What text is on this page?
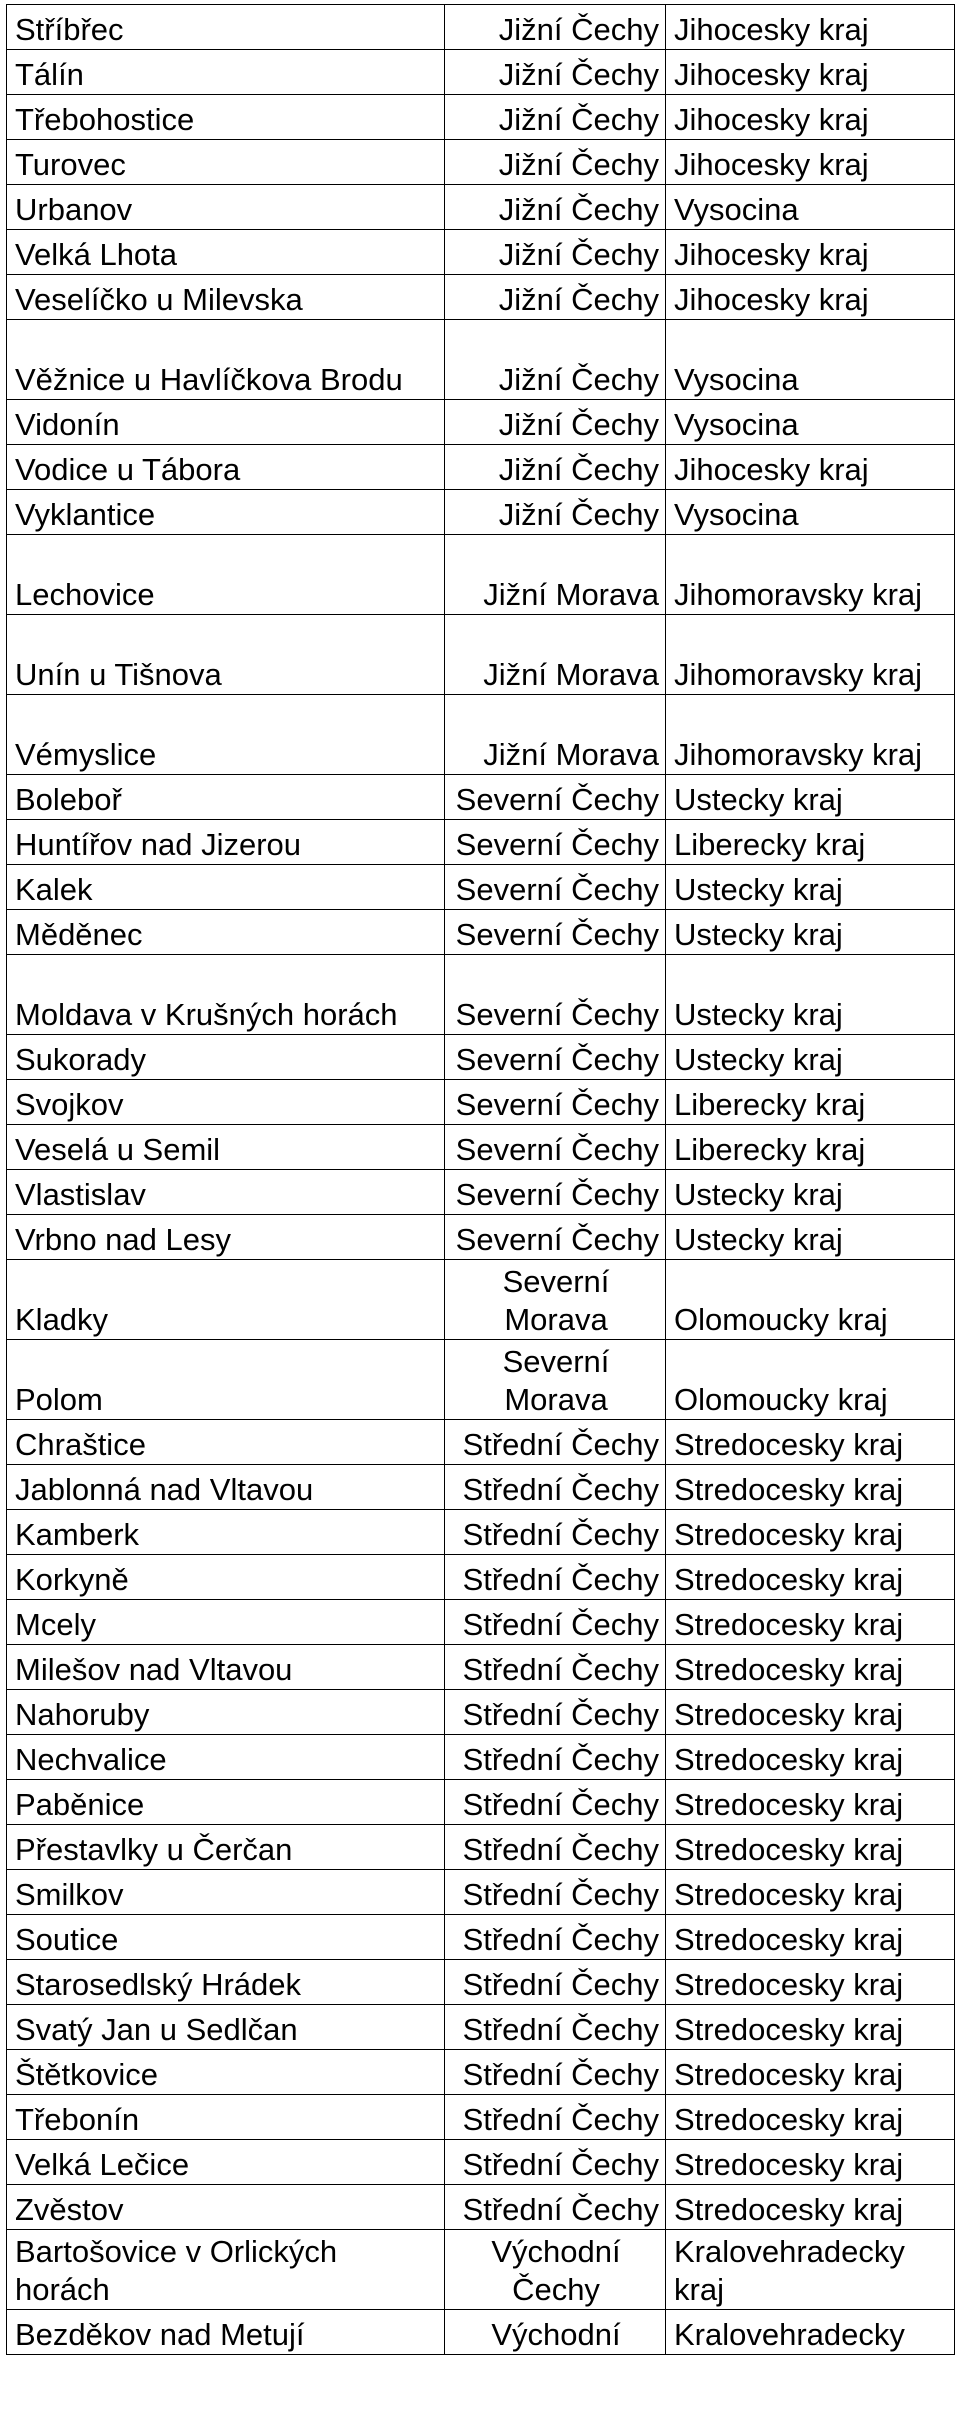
Stříbřec	Jižní Čechy	Jihocesky kraj
Tálín	Jižní Čechy	Jihocesky kraj
Třebohostice	Jižní Čechy	Jihocesky kraj
Turovec	Jižní Čechy	Jihocesky kraj
Urbanov	Jižní Čechy	Vysocina
Velká Lhota	Jižní Čechy	Jihocesky kraj
Veselíčko u Milevska	Jižní Čechy	Jihocesky kraj
Věžnice u Havlíčkova Brodu	Jižní Čechy	Vysocina
Vidonín	Jižní Čechy	Vysocina
Vodice u Tábora	Jižní Čechy	Jihocesky kraj
Vyklantice	Jižní Čechy	Vysocina
Lechovice	Jižní Morava	Jihomoravsky kraj
Unín u Tišnova	Jižní Morava	Jihomoravsky kraj
Vémyslice	Jižní Morava	Jihomoravsky kraj
Boleboř	Severní Čechy	Ustecky kraj
Huntířov nad Jizerou	Severní Čechy	Liberecky kraj
Kalek	Severní Čechy	Ustecky kraj
Měděnec	Severní Čechy	Ustecky kraj
Moldava v Krušných horách	Severní Čechy	Ustecky kraj
Sukorady	Severní Čechy	Ustecky kraj
Svojkov	Severní Čechy	Liberecky kraj
Veselá u Semil	Severní Čechy	Liberecky kraj
Vlastislav	Severní Čechy	Ustecky kraj
Vrbno nad Lesy	Severní Čechy	Ustecky kraj
Kladky	Severní Morava	Olomoucky kraj
Polom	Severní Morava	Olomoucky kraj
Chraštice	Střední Čechy	Stredocesky kraj
Jablonná nad Vltavou	Střední Čechy	Stredocesky kraj
Kamberk	Střední Čechy	Stredocesky kraj
Korkyně	Střední Čechy	Stredocesky kraj
Mcely	Střední Čechy	Stredocesky kraj
Milešov nad Vltavou	Střední Čechy	Stredocesky kraj
Nahoruby	Střední Čechy	Stredocesky kraj
Nechvalice	Střední Čechy	Stredocesky kraj
Paběnice	Střední Čechy	Stredocesky kraj
Přestavlky u Čerčan	Střední Čechy	Stredocesky kraj
Smilkov	Střední Čechy	Stredocesky kraj
Soutice	Střední Čechy	Stredocesky kraj
Starosedlský Hrádek	Střední Čechy	Stredocesky kraj
Svatý Jan u Sedlčan	Střední Čechy	Stredocesky kraj
Štětkovice	Střední Čechy	Stredocesky kraj
Třebonín	Střední Čechy	Stredocesky kraj
Velká Lečice	Střední Čechy	Stredocesky kraj
Zvěstov	Střední Čechy	Stredocesky kraj
Bartošovice v Orlických horách	Východní Čechy	Kralovehradecky kraj
Bezděkov nad Metují	Východní	Kralovehradecky
